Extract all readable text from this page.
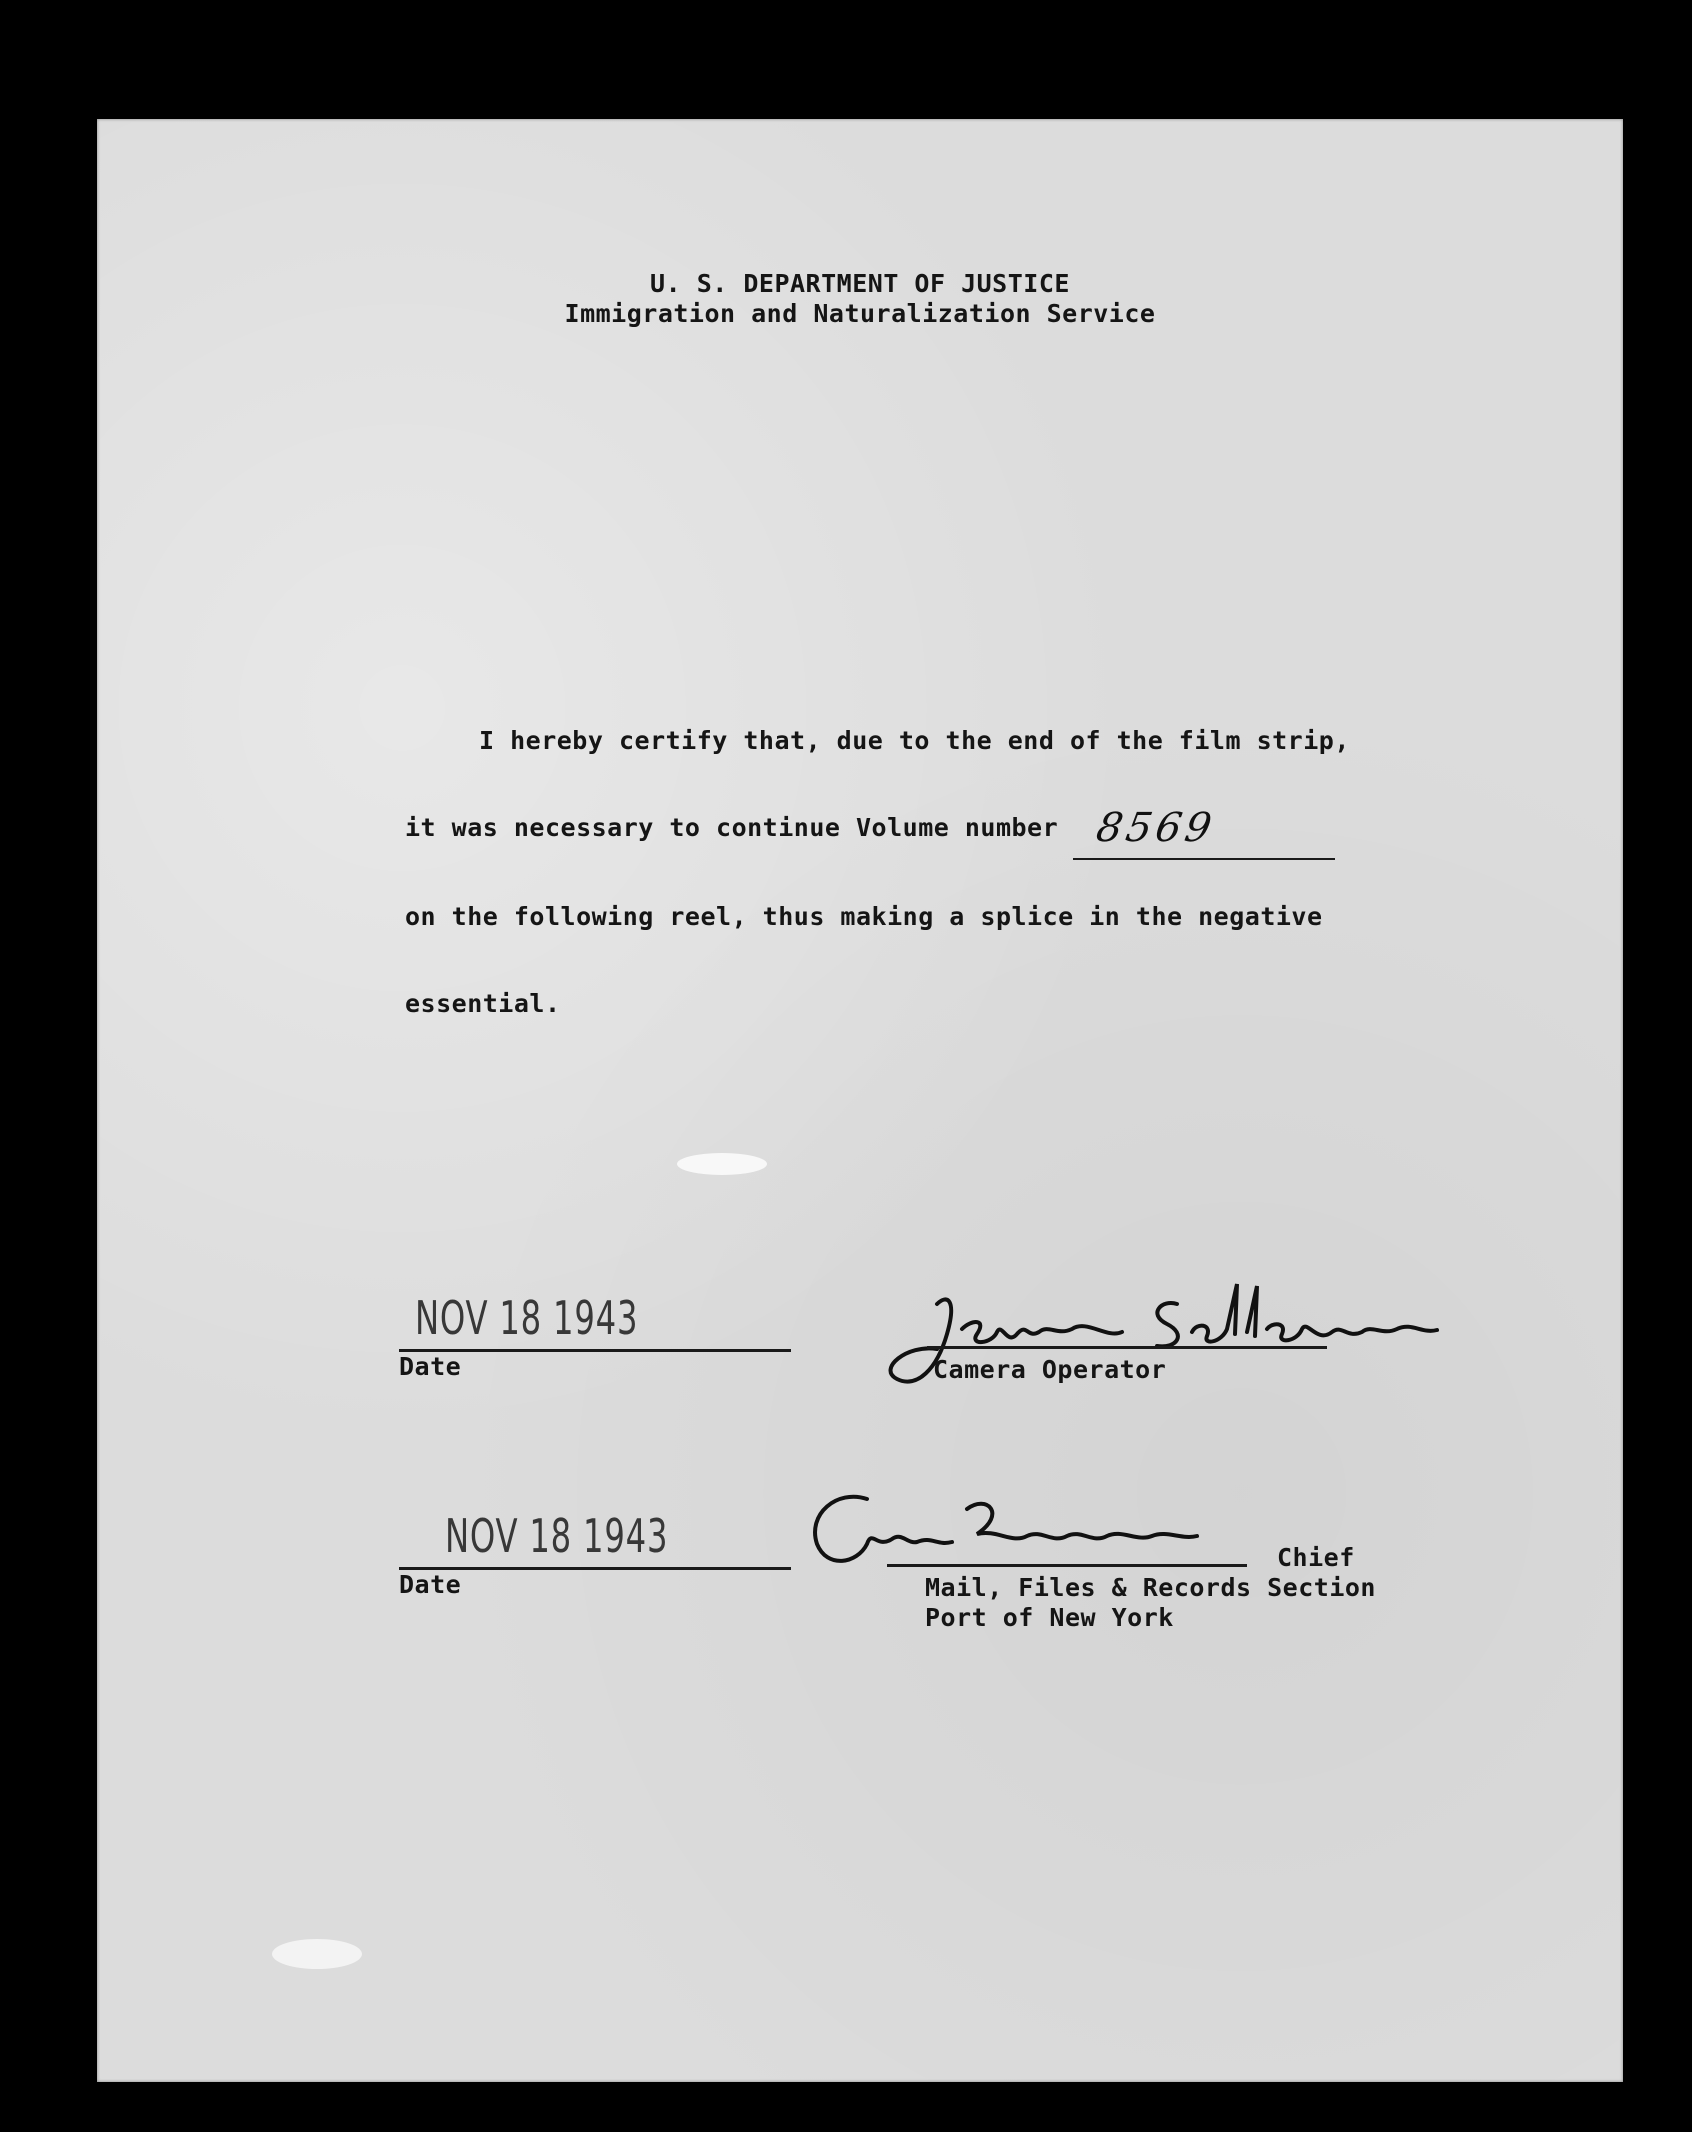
U. S. DEPARTMENT OF JUSTICE
Immigration and Naturalization Service
I hereby certify that, due to the end of the film strip,
it was necessary to continue Volume number 8569
on the following reel, thus making a splice in the negative
essential.
NOV 18 1943
Date	Camera Operator
NOV 18 1943
Date
Chief
Mail, Files & Records Section
Port of New York
